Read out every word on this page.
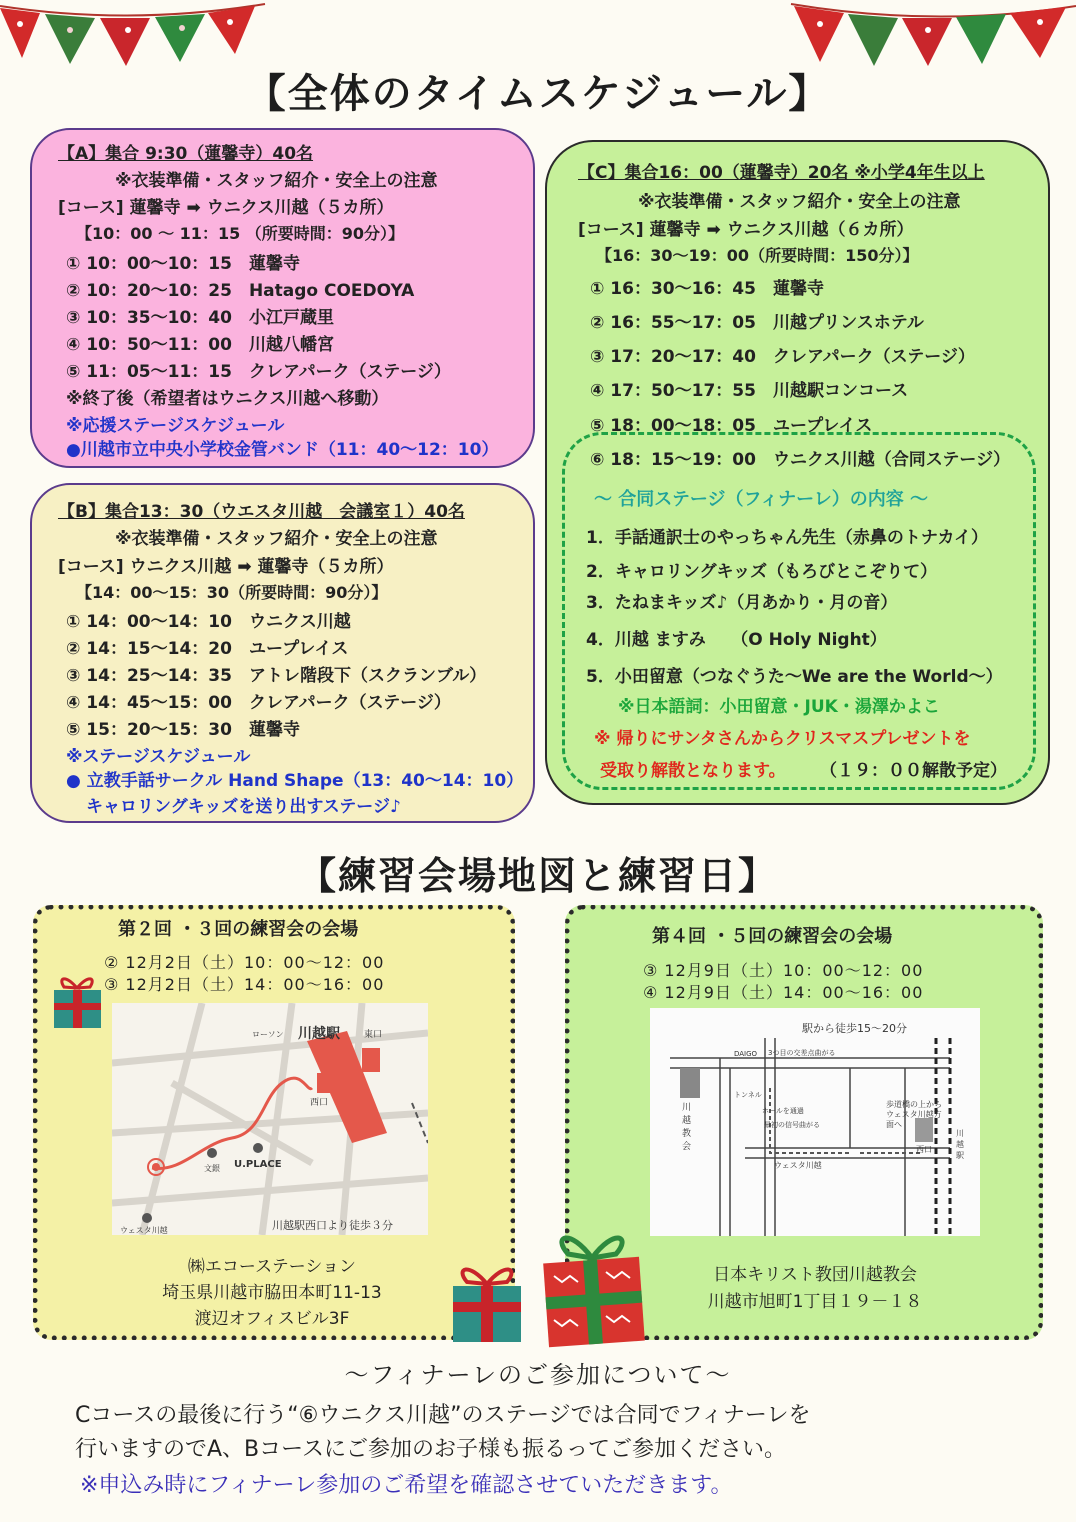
【全体のタイムスケジュール】
【A】集合 9:30（蓮馨寺）40名
※衣装準備・スタッフ紹介・安全上の注意
[コース] 蓮馨寺 ➡ ウニクス川越（５カ所）
【10：00 ～ 11：15 （所要時間：90分）】
① 10：00～10：15　蓮馨寺
② 10：20～10：25　Hatago COEDOYA
③ 10：35～10：40　小江戸蔵里
④ 10：50～11：00　川越八幡宮
⑤ 11：05～11：15　クレアパーク（ステージ）
※終了後（希望者はウニクス川越へ移動）
※応援ステージスケジュール
●川越市立中央小学校金管バンド（11：40～12：10）
【B】集合13：30（ウエスタ川越　会議室１）40名
※衣装準備・スタッフ紹介・安全上の注意
[コース] ウニクス川越 ➡ 蓮馨寺（５カ所）
【14：00～15：30（所要時間：90分）】
① 14：00～14：10　ウニクス川越
② 14：15～14：20　ユープレイス
③ 14：25～14：35　アトレ階段下（スクランブル）
④ 14：45～15：00　クレアパーク（ステージ）
⑤ 15：20～15：30　蓮馨寺
※ステージスケジュール
● 立教手話サークル Hand Shape（13：40～14：10）
キャロリングキッズを送り出すステージ♪
【C】集合16：00（蓮馨寺）20名 ※小学4年生以上
※衣装準備・スタッフ紹介・安全上の注意
[コース] 蓮馨寺 ➡ ウニクス川越（６カ所）
【16：30～19：00（所要時間：150分）】
① 16：30～16：45　蓮馨寺
② 16：55～17：05　川越プリンスホテル
③ 17：20～17：40　クレアパーク（ステージ）
④ 17：50～17：55　川越駅コンコース
⑤ 18：00～18：05　ユープレイス
⑥ 18：15～19：00　ウニクス川越（合同ステージ）
～ 合同ステージ（フィナーレ）の内容 ～
1．手話通訳士のやっちゃん先生（赤鼻のトナカイ）
2．キャロリングキッズ（もろびとこぞりて）
3．たねまキッズ♪（月あかり・月の音）
4．川越 ますみ　　（O Holy Night）
5．小田留意（つなぐうた～We are the World～）
※日本語詞：小田留意・JUK・湯澤かよこ
※ 帰りにサンタさんからクリスマスプレゼントを
受取り解散となります。 （１９：００解散予定）
【練習会場地図と練習日】
第２回 ・３回の練習会の会場
② 12月2日（土）10：00～12：00
③ 12月2日（土）14：00～16：00
川越駅	東口
西口
ローソン
U.PLACE
文銀
ウェスタ川越	川越駅西口より徒歩３分
㈱エコーステーション
埼玉県川越市脇田本町11-13
渡辺オフィスビル3F
第４回 ・５回の練習会の会場
③ 12月9日（土）10：00～12：00
④ 12月9日（土）14：00～16：00
駅から徒歩15～20分
川越教会
DAIGO 3つ目の交差点曲がる
トンネル
ホールを通過
最初の信号曲がる
ウェスタ川越
歩道橋の上から ウェスタ川越方面へ
西口
川越駅
日本キリスト教団川越教会
川越市旭町1丁目１９－１８
～フィナーレのご参加について～
Cコースの最後に行う“⑥ウニクス川越”のステージでは合同でフィナーレを
行いますのでA、Bコースにご参加のお子様も振るってご参加ください。
※申込み時にフィナーレ参加のご希望を確認させていただきます。
